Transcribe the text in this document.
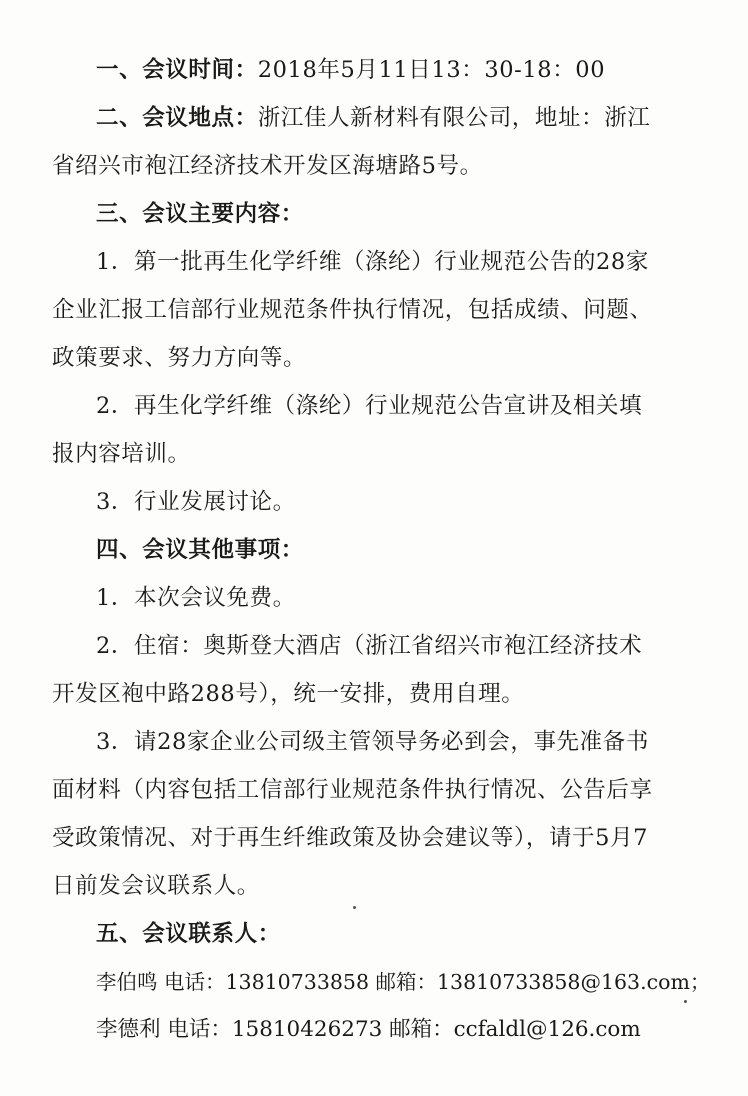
一、会议时间：2018年5月11日13：30-18：00
二、会议地点：浙江佳人新材料有限公司，地址：浙江
省绍兴市袍江经济技术开发区海塘路5号。
三、会议主要内容：
1．第一批再生化学纤维（涤纶）行业规范公告的28家
企业汇报工信部行业规范条件执行情况，包括成绩、问题、
政策要求、努力方向等。
2．再生化学纤维（涤纶）行业规范公告宣讲及相关填
报内容培训。
3．行业发展讨论。
四、会议其他事项：
1．本次会议免费。
2．住宿：奥斯登大酒店（浙江省绍兴市袍江经济技术
开发区袍中路288号），统一安排，费用自理。
3．请28家企业公司级主管领导务必到会，事先准备书
面材料（内容包括工信部行业规范条件执行情况、公告后享
受政策情况、对于再生纤维政策及协会建议等），请于5月7
日前发会议联系人。
五、会议联系人：
李伯鸣 电话：13810733858 邮箱：13810733858@163.com；
李德利 电话：15810426273 邮箱：ccfaldl@126.com
